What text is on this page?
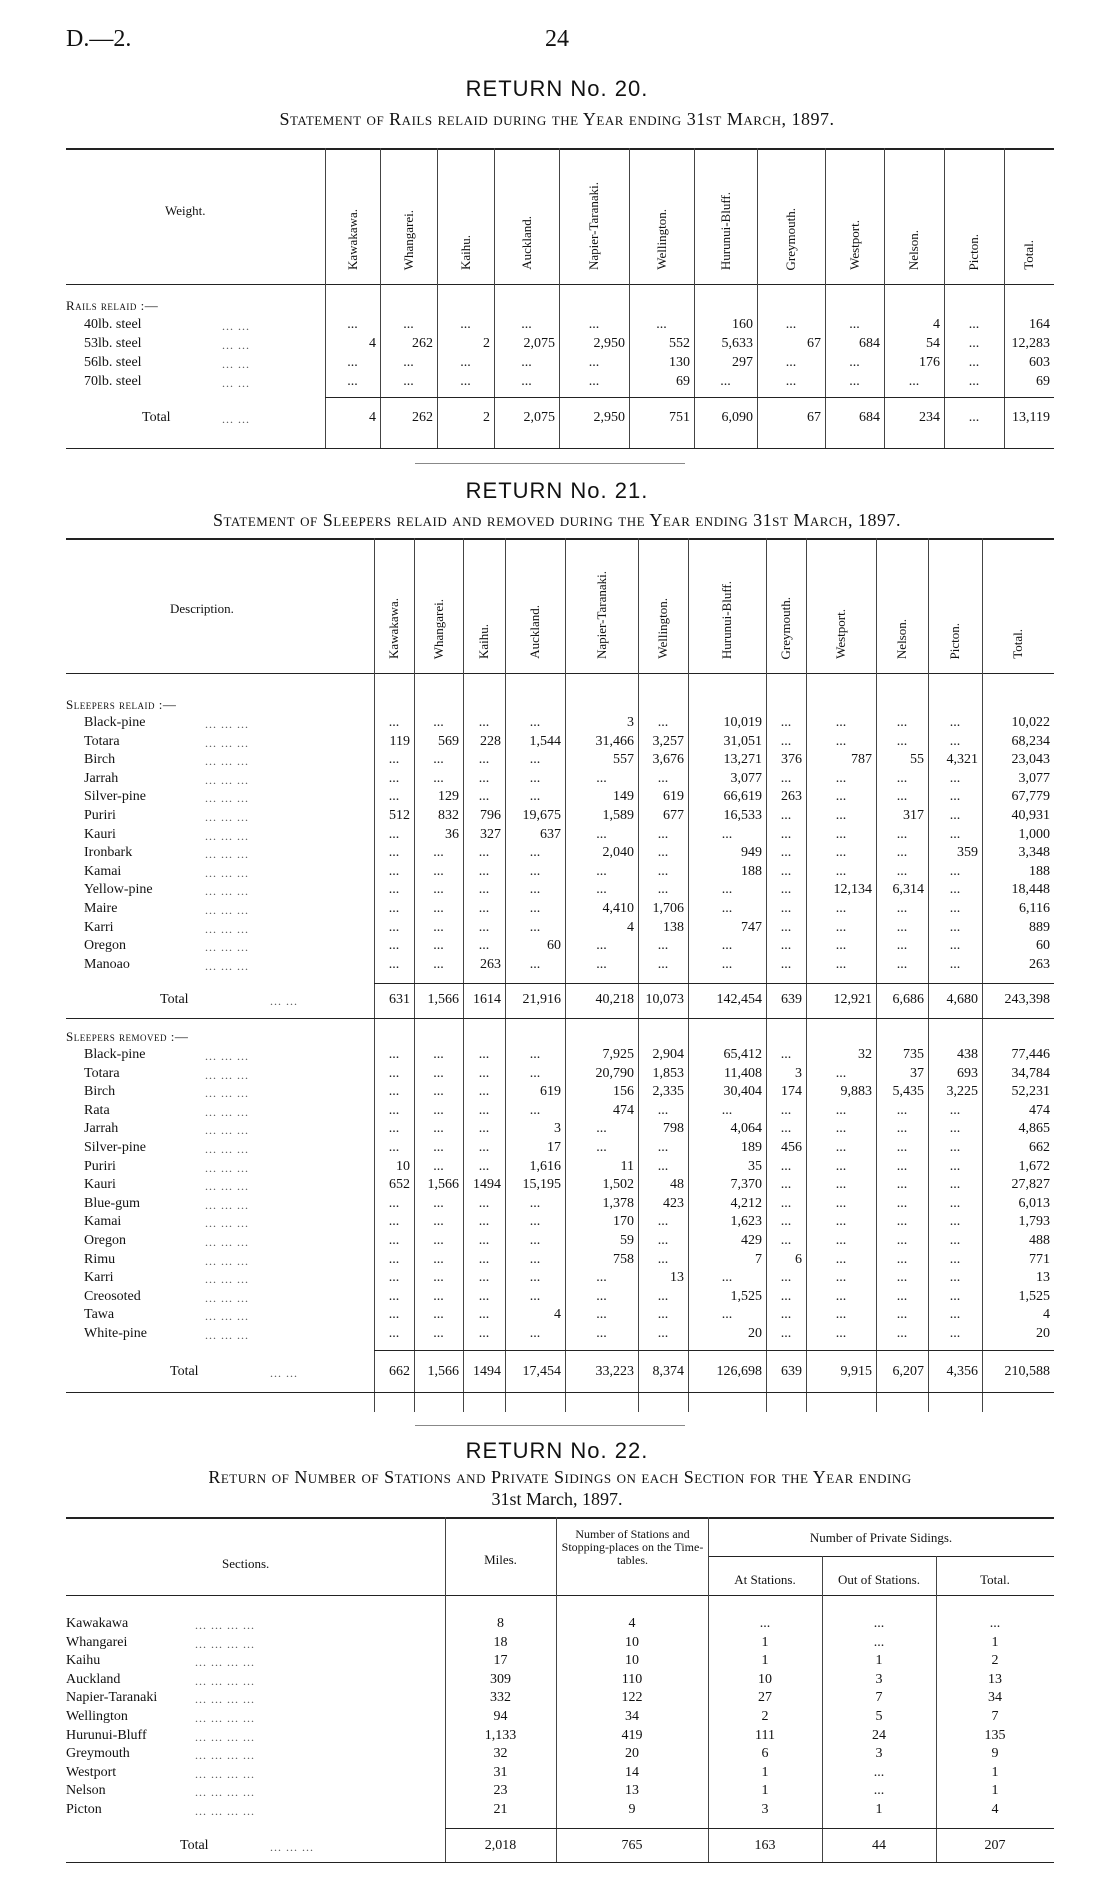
D.—2.	24
RETURN No. 20.
Statement of Rails relaid during the Year ending 31st March, 1897.
RETURN No. 21.
Statement of Sleepers relaid and removed during the Year ending 31st March, 1897.
RETURN No. 22.
Return of Number of Stations and Private Sidings on each Section for the Year ending
31st March, 1897.
Kawakawa.	Whangarei.	Kaihu.	Auckland.	Napier-Taranaki.	Wellington.	Hurunui-Bluff.	Greymouth.	Westport.	Nelson.	Picton.	Total.
Weight.
Rails relaid :—
40lb. steel	... ...	...	...	...	...	...	...	160	...	...	4	...	164
53lb. steel	... ...	4	262	2	2,075	2,950	552	5,633	67	684	54	...	12,283
56lb. steel	... ...	...	...	...	...	...	130	297	...	...	176	...	603
70lb. steel	... ...	...	...	...	...	...	69	...	...	...	...	...	69
Total	... ...	4	262	2	2,075	2,950	751	6,090	67	684	234	...	13,119
Kawakawa. Whangarei. Kaihu.	Auckland.	Napier-Taranaki.	Wellington.	Hurunui-Bluff.	Greymouth.	Westport.	Nelson.	Picton.	Total.
Description.
Sleepers relaid :—
Black-pine	... ... ...	...	...	...	...	3	...	10,019	...	...	...	...	10,022
Totara	... ... ...	119	569	228	1,544	31,466	3,257	31,051	...	...	...	...	68,234
Birch	... ... ...	...	...	...	...	557	3,676	13,271	376	787	55	4,321	23,043
Jarrah	... ... ...	...	...	...	...	...	...	3,077	...	...	...	...	3,077
Silver-pine	... ... ...	...	129	...	...	149	619	66,619	263	...	...	...	67,779
Puriri	... ... ...	512	832	796	19,675	1,589	677	16,533	...	...	317	...	40,931
Kauri	... ... ...	...	36	327	637	...	...	...	...	...	...	...	1,000
Ironbark	... ... ...	...	...	...	...	2,040	...	949	...	...	...	359	3,348
Kamai	... ... ...	...	...	...	...	...	...	188	...	...	...	...	188
Yellow-pine	... ... ...	...	...	...	...	...	...	...	...	12,134	6,314	...	18,448
Maire	... ... ...	...	...	...	...	4,410	1,706	...	...	...	...	...	6,116
Karri	... ... ...	...	...	...	...	4	138	747	...	...	...	...	889
Oregon	... ... ...	...	...	...	60	...	...	...	...	...	...	...	60
Manoao	... ... ...	...	...	263	...	...	...	...	...	...	...	...	263
Total	... ...	631	1,566	1614	21,916	40,218 10,073	142,454	639	12,921	6,686	4,680	243,398
Sleepers removed :—
Black-pine	... ... ...	...	...	...	...	7,925	2,904	65,412	...	32	735	438	77,446
Totara	... ... ...	...	...	...	...	20,790	1,853	11,408	3	...	37	693	34,784
Birch	... ... ...	...	...	...	619	156	2,335	30,404	174	9,883	5,435	3,225	52,231
Rata	... ... ...	...	...	...	...	474	...	...	...	...	...	...	474
Jarrah	... ... ...	...	...	...	3	...	798	4,064	...	...	...	...	4,865
Silver-pine	... ... ...	...	...	...	17	...	...	189	456	...	...	...	662
Puriri	... ... ...	10	...	...	1,616	11	...	35	...	...	...	...	1,672
Kauri	... ... ...	652	1,566	1494	15,195	1,502	48	7,370	...	...	...	...	27,827
Blue-gum	... ... ...	...	...	...	...	1,378	423	4,212	...	...	...	...	6,013
Kamai	... ... ...	...	...	...	...	170	...	1,623	...	...	...	...	1,793
Oregon	... ... ...	...	...	...	...	59	...	429	...	...	...	...	488
Rimu	... ... ...	...	...	...	...	758	...	7	6	...	...	...	771
Karri	... ... ...	...	...	...	...	...	13	...	...	...	...	...	13
Creosoted	... ... ...	...	...	...	...	...	...	1,525	...	...	...	...	1,525
Tawa	... ... ...	...	...	...	4	...	...	...	...	...	...	...	4
White-pine	... ... ...	...	...	...	...	...	...	20	...	...	...	...	20
Total	... ...	662	1,566	1494	17,454	33,223	8,374	126,698	639	9,915	6,207	4,356	210,588
Sections.	Miles.
Number of Stations and Stopping-places on the Time-tables.
Number of Private Sidings.
At Stations.	Out of Stations.	Total.
Kawakawa	... ... ... ...	8	4	...	...	...
Whangarei	... ... ... ...	18	10	1	...	1
Kaihu	... ... ... ...	17	10	1	1	2
Auckland	... ... ... ...	309	110	10	3	13
Napier-Taranaki	... ... ... ...	332	122	27	7	34
Wellington	... ... ... ...	94	34	2	5	7
Hurunui-Bluff	... ... ... ...	1,133	419	111	24	135
Greymouth	... ... ... ...	32	20	6	3	9
Westport	... ... ... ...	31	14	1	...	1
Nelson	... ... ... ...	23	13	1	...	1
Picton	... ... ... ...	21	9	3	1	4
Total	... ... ...	2,018	765	163	44	207
